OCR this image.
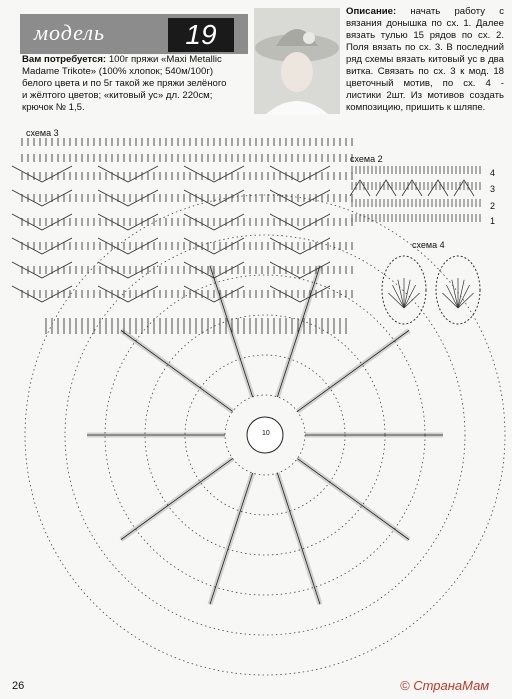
модель	19
Вам потребуется: 100г пряжи «Maxi Metallic Madame Trikote» (100% хлопок; 540м/100г) белого цвета и по 5г такой же пряжи зелёного и жёлтого цветов; «китовый ус» дл. 220см; крючок № 1,5.
Описание: начать работу с вязания донышка по сх. 1. Далее вязать тулью 15 рядов по сх. 2. Поля вязать по сх. 3. В последний ряд схемы вязать китовый ус в два витка. Связать по сх. 3 к мод. 18 цветочный мотив, по сх. 4 - листики 2шт. Из мотивов создать композицию, пришить к шляпе.
схема 3
схема 2
схема 4
4
3
2
1
10
26	© СтранаМам
